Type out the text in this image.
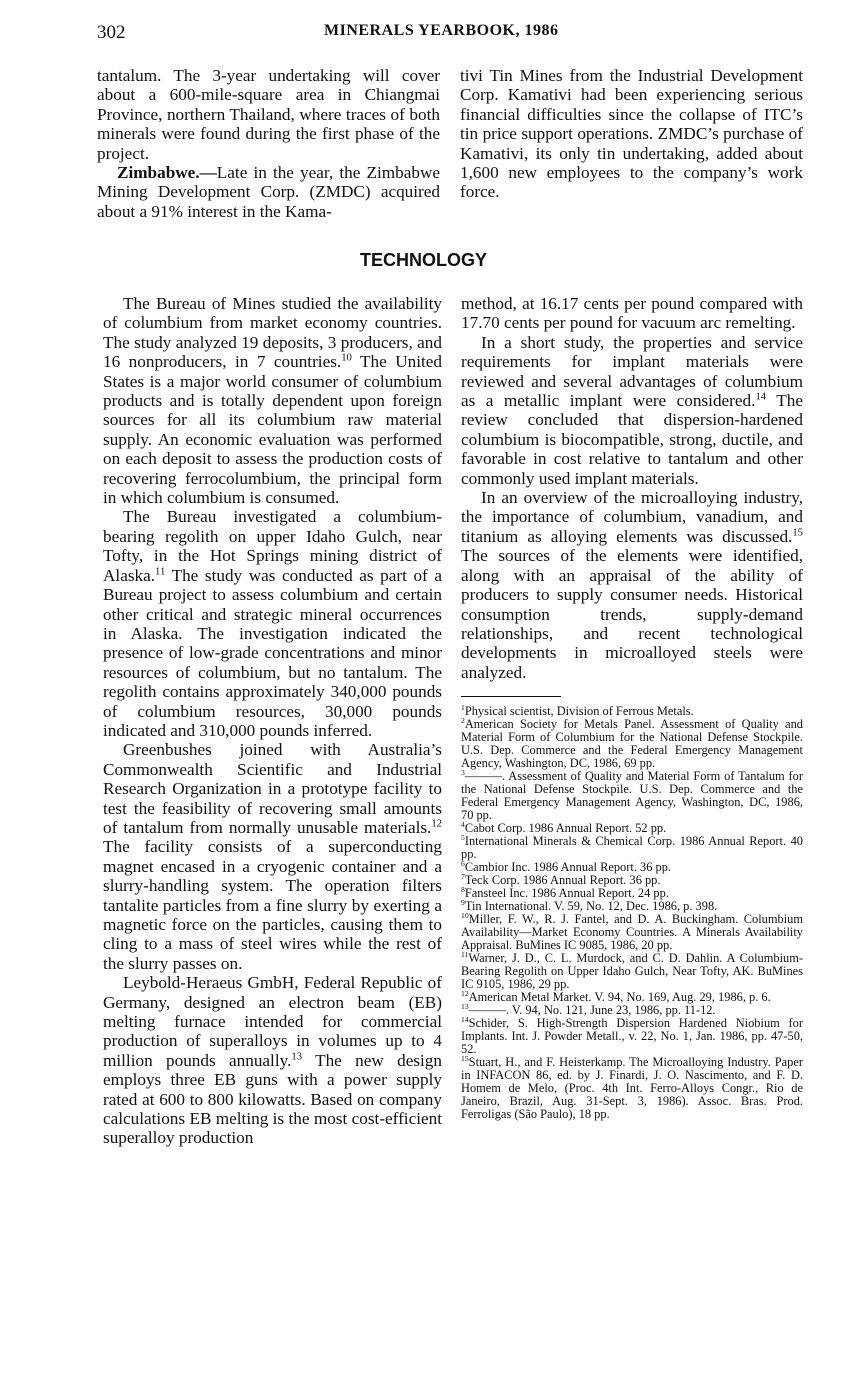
302	MINERALS YEARBOOK, 1986

tantalum. The 3-year undertaking will cover about a 600-mile-square area in Chiangmai Province, northern Thailand, where traces of both minerals were found during the first phase of the project.

Zimbabwe.—Late in the year, the Zimbabwe Mining Development Corp. (ZMDC) acquired about a 91% interest in the Kama-

tivi Tin Mines from the Industrial Development Corp. Kamativi had been experiencing serious financial difficulties since the collapse of ITC’s tin price support operations. ZMDC’s purchase of Kamativi, its only tin undertaking, added about 1,600 new employees to the company’s work force.

TECHNOLOGY

The Bureau of Mines studied the availability of columbium from market economy countries. The study analyzed 19 deposits, 3 producers, and 16 nonproducers, in 7 countries.$^{10}$ The United States is a major world consumer of columbium products and is totally dependent upon foreign sources for all its columbium raw material supply. An economic evaluation was performed on each deposit to assess the production costs of recovering ferrocolumbium, the principal form in which columbium is consumed.

The Bureau investigated a columbium-bearing regolith on upper Idaho Gulch, near Tofty, in the Hot Springs mining district of Alaska.$^{11}$ The study was conducted as part of a Bureau project to assess columbium and certain other critical and strategic mineral occurrences in Alaska. The investigation indicated the presence of low-grade concentrations and minor resources of columbium, but no tantalum. The regolith contains approximately 340,000 pounds of columbium resources, 30,000 pounds indicated and 310,000 pounds inferred.

Greenbushes joined with Australia’s Commonwealth Scientific and Industrial Research Organization in a prototype facility to test the feasibility of recovering small amounts of tantalum from normally unusable materials.$^{12}$ The facility consists of a superconducting magnet encased in a cryogenic container and a slurry-handling system. The operation filters tantalite particles from a fine slurry by exerting a magnetic force on the particles, causing them to cling to a mass of steel wires while the rest of the slurry passes on.

Leybold-Heraeus GmbH, Federal Republic of Germany, designed an electron beam (EB) melting furnace intended for commercial production of superalloys in volumes up to 4 million pounds annually.$^{13}$ The new design employs three EB guns with a power supply rated at 600 to 800 kilowatts. Based on company calculations EB melting is the most cost-efficient superalloy production

method, at 16.17 cents per pound compared with 17.70 cents per pound for vacuum arc remelting.

In a short study, the properties and service requirements for implant materials were reviewed and several advantages of columbium as a metallic implant were considered.$^{14}$ The review concluded that dispersion-hardened columbium is biocompatible, strong, ductile, and favorable in cost relative to tantalum and other commonly used implant materials.

In an overview of the microalloying industry, the importance of columbium, vanadium, and titanium as alloying elements was discussed.$^{15}$ The sources of the elements were identified, along with an appraisal of the ability of producers to supply consumer needs. Historical consumption trends, supply-demand relationships, and recent technological developments in microalloyed steels were analyzed.

$^1$Physical scientist, Division of Ferrous Metals.

$^2$American Society for Metals Panel. Assessment of Quality and Material Form of Columbium for the National Defense Stockpile. U.S. Dep. Commerce and the Federal Emergency Management Agency, Washington, DC, 1986, 69 pp.

$^3$———. Assessment of Quality and Material Form of Tantalum for the National Defense Stockpile. U.S. Dep. Commerce and the Federal Emergency Management Agency, Washington, DC, 1986, 70 pp.

$^4$Cabot Corp. 1986 Annual Report. 52 pp.

$^5$International Minerals & Chemical Corp. 1986 Annual Report. 40 pp.

$^6$Cambior Inc. 1986 Annual Report. 36 pp.

$^7$Teck Corp. 1986 Annual Report. 36 pp.

$^8$Fansteel Inc. 1986 Annual Report. 24 pp.

$^9$Tin International. V. 59, No. 12, Dec. 1986, p. 398.

$^{10}$Miller, F. W., R. J. Fantel, and D. A. Buckingham. Columbium Availability—Market Economy Countries. A Minerals Availability Appraisal. BuMines IC 9085, 1986, 20 pp.

$^{11}$Warner, J. D., C. L. Murdock, and C. D. Dahlin. A Columbium-Bearing Regolith on Upper Idaho Gulch, Near Tofty, AK. BuMines IC 9105, 1986, 29 pp.

$^{12}$American Metal Market. V. 94, No. 169, Aug. 29, 1986, p. 6.

$^{13}$———. V. 94, No. 121, June 23, 1986, pp. 11-12.

$^{14}$Schider, S. High-Strength Dispersion Hardened Niobium for Implants. Int. J. Powder Metall., v. 22, No. 1, Jan. 1986, pp. 47-50, 52.

$^{15}$Stuart, H., and F. Heisterkamp. The Microalloying Industry. Paper in INFACON 86, ed. by J. Finardi, J. O. Nascimento, and F. D. Homem de Melo, (Proc. 4th Int. Ferro-Alloys Congr., Rio de Janeiro, Brazil, Aug. 31-Sept. 3, 1986). Assoc. Bras. Prod. Ferroligas (São Paulo), 18 pp.
